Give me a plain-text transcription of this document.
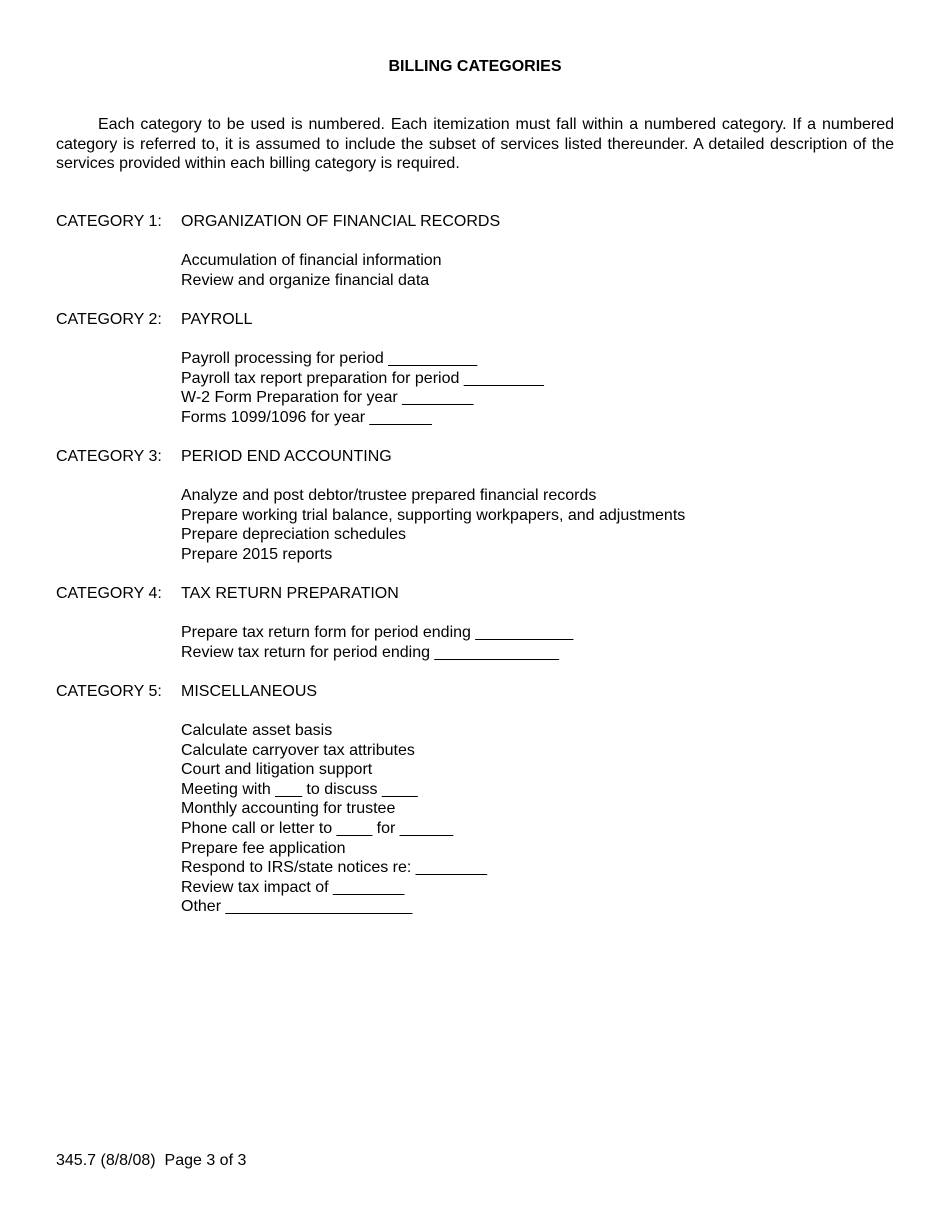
BILLING CATEGORIES

Each category to be used is numbered. Each itemization must fall within a numbered category. If a numbered category is referred to, it is assumed to include the subset of services listed thereunder. A detailed description of the services provided within each billing category is required.

CATEGORY 1: ORGANIZATION OF FINANCIAL RECORDS
Accumulation of financial information
Review and organize financial data
CATEGORY 2: PAYROLL
Payroll processing for period __________
Payroll tax report preparation for period _________
W-2 Form Preparation for year ________
Forms 1099/1096 for year _______
CATEGORY 3: PERIOD END ACCOUNTING
Analyze and post debtor/trustee prepared financial records
Prepare working trial balance, supporting workpapers, and adjustments
Prepare depreciation schedules
Prepare 2015 reports
CATEGORY 4: TAX RETURN PREPARATION
Prepare tax return form for period ending ___________
Review tax return for period ending ______________
CATEGORY 5: MISCELLANEOUS
Calculate asset basis
Calculate carryover tax attributes
Court and litigation support
Meeting with ___ to discuss ____
Monthly accounting for trustee
Phone call or letter to ____ for ______
Prepare fee application
Respond to IRS/state notices re: ________
Review tax impact of ________
Other _____________________
345.7 (8/8/08)  Page 3 of 3
